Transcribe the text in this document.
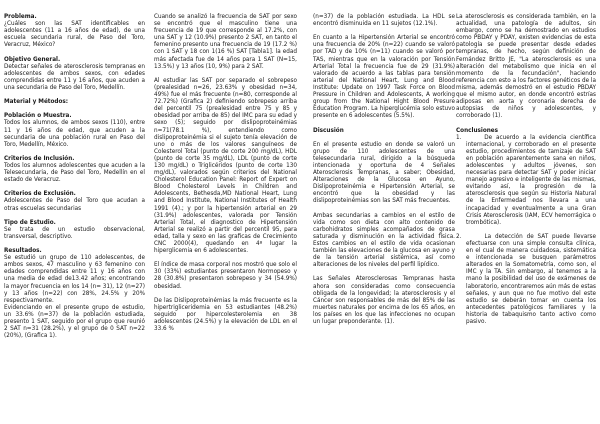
Problema.

¿Cuáles son las SAT identificables en adolescentes (11 a 16 años de edad), de una escuela secundaria rural, de Paso del Toro, Veracruz, México?

Objetivo General.

Detectar señales de aterosclerosis tempranas en adolescentes de ambos sexos, con edades comprendidas entre 11 y 16 años, que acuden a una secundaria de Paso del Toro, Medellín.

Material y Métodos:

Población o Muestra.

Todos los alumnos, de ambos sexos (110), entre 11 y 16 años de edad, que acuden a la secundaria de una población rural en Paso del Toro, Medellín, México.

Criterios de Inclusión.

Todos los alumnos adolescentes que acuden a la Telesecundaria, de Paso del Toro, Medellín en el estado de Veracruz.

Criterios de Exclusión.

Adolescentes de Paso del Toro que acudan a otras escuelas secundarias

Tipo de Estudio.

Se trata de un estudio observacional, transversal, descriptivo.

Resultados.

Se estudió un grupo de 110 adolescentes, de ambos sexos, 47 masculino y 63 femenino con edades comprendidas entre 11 y 16 años con una media de edad de13.42 años; encontrando la mayor frecuencia en los 14 (n= 31), 12 (n=27) y 13 años (n=22) con 28%, 24.5% y 20% respectivamente.

Evidenciando en el presente grupo de estudio, un 33.6% (n=37) de la población estudiada, presento 1 SAT, seguido por el grupo que reunió 2 SAT n=31 (28.2%), y el grupo de 0 SAT n=22 (20%), (Grafica 1).

Cuando se analizó la frecuencia de SAT por sexo se encontró que el masculino tiene una frecuencia de 19 que corresponde al 17.2%, con una SAT y 12 (10.9%) presento 2 SAT, en tanto el femenino presento una frecuencia de 19 (17.2 %) con 1 SAT y 18 con 1(16 %) SAT [Tabla1]. la edad más afectada fue de 14 años para 1 SAT (N=15, 13.5%) y 13 años (10, 9%) para 2 SAT.

Al estudiar las SAT por separado el sobrepeso (prealesidad n=26, 23.63% y obesidad n=34, 49%) fue el más frecuente (n=80, corresponde al 72.72%) (Grafica 2) definiendo sobrepeso arriba del percentil 75 (prealesidad entre 75 y 85 y obesidad por arriba de 85) del IMC para su edad y sexo (5); seguido por dislipoproteinémias n=71(78.1 %), entendiendo como dislipoproteinémia si el sujeto tenía elevación de uno o más de los valores sanguíneos de Colesterol Total (punto de corte 200 mg/dL), HDL (punto de corte 35 mg/dL), LDL (punto de corte 130 mg/dL) o Triglicéridos (punto de corte 130 mg/dL), valorados según criterios del National Cholesterol Education Panel: Report of Expert on Blood Cholesterol Levels in Children and Adolescents, Bethesda,MD National Heart, Lung and Blood Institute, National Institutes of Health 1991 (4).; y por la hipertensión arterial en 29 (31.9%) adolescentes, valorada por Tensión Arterial Total, el diagnostico de Hipertensión Arterial se realizó a partir del percentil 95, para edad, talla y sexo en las graficas de Crecimiento CNC 2000(4), quedando en 4º lugar la hiperglicemia en 6 adolescentes.

El índice de masa corporal nos mostró que solo el 30 (33%) estudiantes presentaron Normopeso y 28 (30.8%) presentaron sobrepeso y 34 (54.9%) obesidad.

De las Dislipoproteinémias la más frecuente es la hipertrigliceridemia en 53 estudiantes (48.2%) seguido por hipercolesterolemia en 38 adolescentes (24.5%) y la elevación de LDL en el 33.6 %

(n=37) de la población estudiada. La HDL se encontró disminuida en 11 sujetos (12.1%).

En cuanto a la Hipertensión Arterial se encontró una frecuencia de 20% (n=22) cuando se valoró por TAD y de 10% (n=11) cuando se valoró por TAS, mientras que en la valoración por Tensión Arterial Total la frecuencia fue de 29 (31.9%) valorado de acuerdo a las tablas para tensión arterial del National Heart, Lung and Blood Institute: Update on 1997 Task Force on Blood Pressure in Children and Adolescents, A working group from the National Hight Blood Presure Education Program. La hiperglucémia solo estuvo presente en 6 adolescentes (5.5%).

Discusión

En el presente estudio en donde se valoró un grupo de 110 adolescentes de una telesecundaria rural, dirigido a la búsqueda intencionada y oportuna de 4 Señales Aterosclerosis Tempranas, a saber; Obesidad, Alteraciones de la Glucosa en Ayuno, Dislipoproteinémia e Hipertensión Arterial, se encontró que la obesidad y las dislipoproteinémias son las SAT más frecuentes.

Ambas secundarias a cambios en el estilo de vida como son dieta con alto contenido de carbohidratos simples acompañados de grasa saturada y disminución en la actividad física. Estos cambios en el estilo de vida ocasionan también las elevaciones de la glucosa en ayuno y de la tensión arterial sistémica, así como alteraciones de los niveles del perfil lipídico.

Las Señales Aterosclerosas Tempranas hasta ahora son consideradas como consecuencia obligada de la longevidad; la aterosclerosis y el Cáncer son responsables de más del 85% de las muertes naturales por encima de los 65 años, en los países en los que las infecciones no ocupan un lugar preponderante. (1).

La aterosclerosis es considerada también, en la actualidad, una patología de adultos, sin embargo, como se ha demostrado en estudios como PBDAY y PDAY, existen evidencias de esta patología se puede presentar desde edades tempranas, de hecho, según definición de Fernández Britto JE, "La aterosclerosis es una alteración del metabolismo que inicia en el momento de la fecundación", haciendo referencia con esto a los factores genéticos de la misma, además demostró en el estudio PBDAY que el mismo autor, en donde encontró estrías adiposas en aorta y coronaria derecha de autopsias de niños y adolescentes, y corroborado (1).

Conclusiones

1.      De acuerdo a la evidencia científica internacional, y corroborado en el presente estudio, procedimientos de tamizaje de SAT en población aparentemente sana en niños, adolescentes y adultos jóvenes, son necesarias para detectar SAT y poder iniciar manejo agresivo e inteligente de las mismas, evitando así, la progresión de la aterosclerosis que según su Historia Natural de la Enfermedad nos llevara a una incapacidad y eventualmente a una Gran Crisis Aterosclerosis (IAM, ECV hemorrágica o trombótica).

2.      La detección de SAT puede llevarse efectuarse con una simple consulta clínica, en el cual de manera cuidadosa, sistemática e intencionada se busquen parámetros alterados en la Somatometría, como son, el IMC y la TA. Sin embargo, al tenemos a la mano la posibilidad del uso de exámenes de laboratorio, encontraremos aún más de estas señales, y aun que no fue motivo del este estudio se deberán tomar en cuenta los antecedentes patológicos familiares y la historia de tabaquismo tanto activo como pasivo.
